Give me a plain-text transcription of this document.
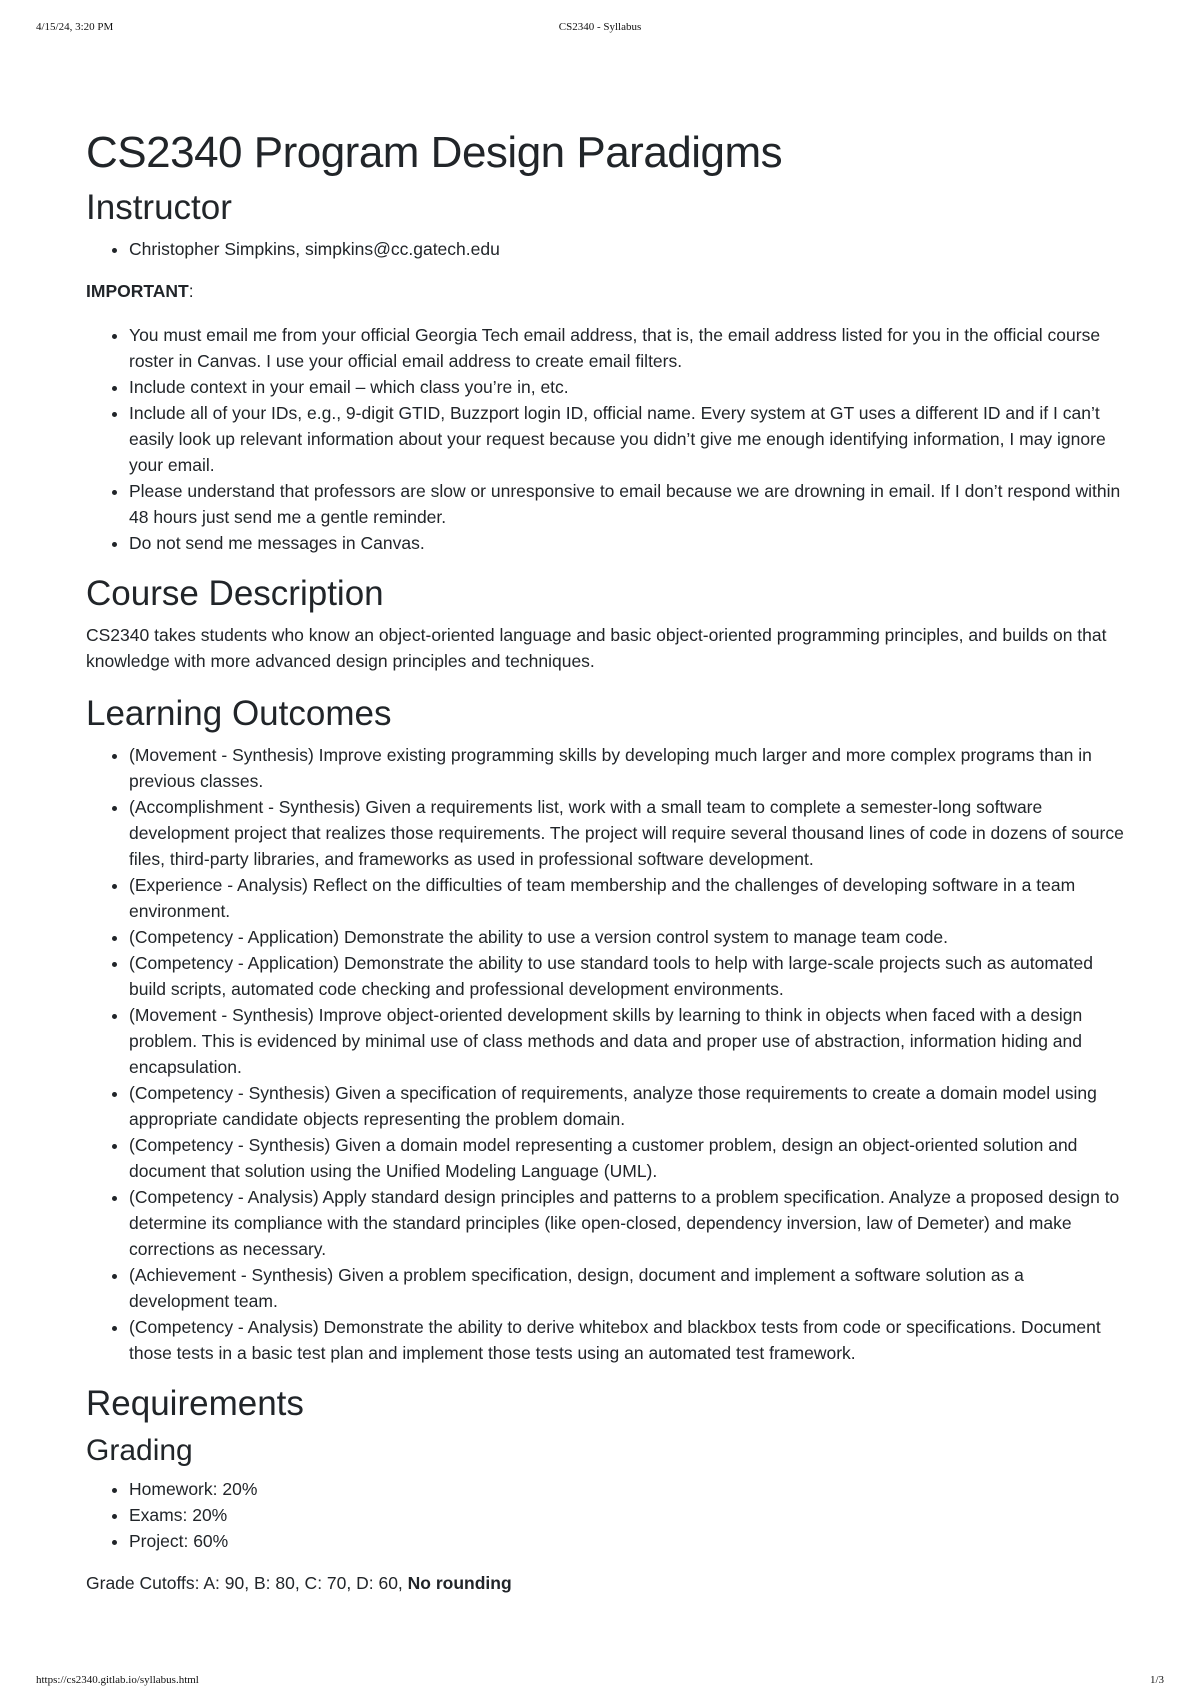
4/15/24, 3:20 PM	CS2340 - Syllabus
CS2340 Program Design Paradigms
Instructor
• Christopher Simpkins, simpkins@cc.gatech.edu

IMPORTANT:

• You must email me from your official Georgia Tech email address, that is, the email address listed for you in the official course roster in Canvas. I use your official email address to create email filters.
• Include context in your email – which class you’re in, etc.
• Include all of your IDs, e.g., 9-digit GTID, Buzzport login ID, official name. Every system at GT uses a different ID and if I can’t easily look up relevant information about your request because you didn’t give me enough identifying information, I may ignore your email.
• Please understand that professors are slow or unresponsive to email because we are drowning in email. If I don’t respond within 48 hours just send me a gentle reminder.
• Do not send me messages in Canvas.
Course Description

CS2340 takes students who know an object-oriented language and basic object-oriented programming principles, and builds on that knowledge with more advanced design principles and techniques.

Learning Outcomes
• (Movement - Synthesis) Improve existing programming skills by developing much larger and more complex programs than in previous classes.
• (Accomplishment - Synthesis) Given a requirements list, work with a small team to complete a semester-long software development project that realizes those requirements. The project will require several thousand lines of code in dozens of source files, third-party libraries, and frameworks as used in professional software development.
• (Experience - Analysis) Reflect on the difficulties of team membership and the challenges of developing software in a team environment.
• (Competency - Application) Demonstrate the ability to use a version control system to manage team code.
• (Competency - Application) Demonstrate the ability to use standard tools to help with large-scale projects such as automated build scripts, automated code checking and professional development environments.
• (Movement - Synthesis) Improve object-oriented development skills by learning to think in objects when faced with a design problem. This is evidenced by minimal use of class methods and data and proper use of abstraction, information hiding and encapsulation.
• (Competency - Synthesis) Given a specification of requirements, analyze those requirements to create a domain model using appropriate candidate objects representing the problem domain.
• (Competency - Synthesis) Given a domain model representing a customer problem, design an object-oriented solution and document that solution using the Unified Modeling Language (UML).
• (Competency - Analysis) Apply standard design principles and patterns to a problem specification. Analyze a proposed design to determine its compliance with the standard principles (like open-closed, dependency inversion, law of Demeter) and make corrections as necessary.
• (Achievement - Synthesis) Given a problem specification, design, document and implement a software solution as a development team.
• (Competency - Analysis) Demonstrate the ability to derive whitebox and blackbox tests from code or specifications. Document those tests in a basic test plan and implement those tests using an automated test framework.
Requirements
Grading
• Homework: 20%
• Exams: 20%
• Project: 60%

Grade Cutoffs: A: 90, B: 80, C: 70, D: 60, No rounding

https://cs2340.gitlab.io/syllabus.html	1/3
